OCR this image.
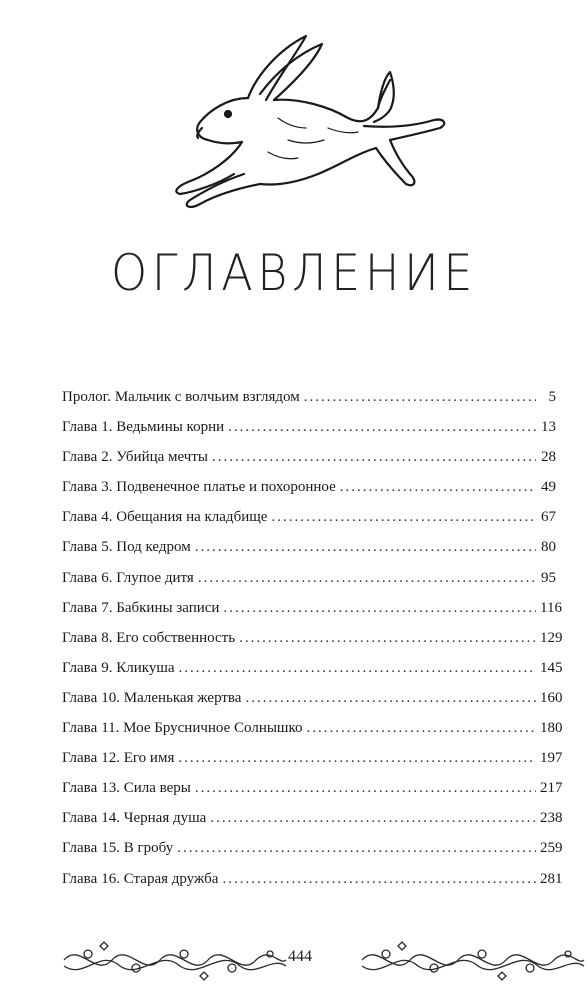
ОГЛАВЛЕНИЕ
Пролог. Мальчик с волчьим взглядом .....	5
Глава 1. Ведьмины корни .....	13
Глава 2. Убийца мечты .....	28
Глава 3. Подвенечное платье и похоронное .....	49
Глава 4. Обещания на кладбище .....	67
Глава 5. Под кедром .....	80
Глава 6. Глупое дитя .....	95
Глава 7. Бабкины записи .....	116
Глава 8. Его собственность .....	129
Глава 9. Кликуша .....	145
Глава 10. Маленькая жертва .....	160
Глава 11. Мое Брусничное Солнышко .....	180
Глава 12. Его имя .....	197
Глава 13. Сила веры .....	217
Глава 14. Черная душа .....	238
Глава 15. В гробу .....	259
Глава 16. Старая дружба .....	281
444
